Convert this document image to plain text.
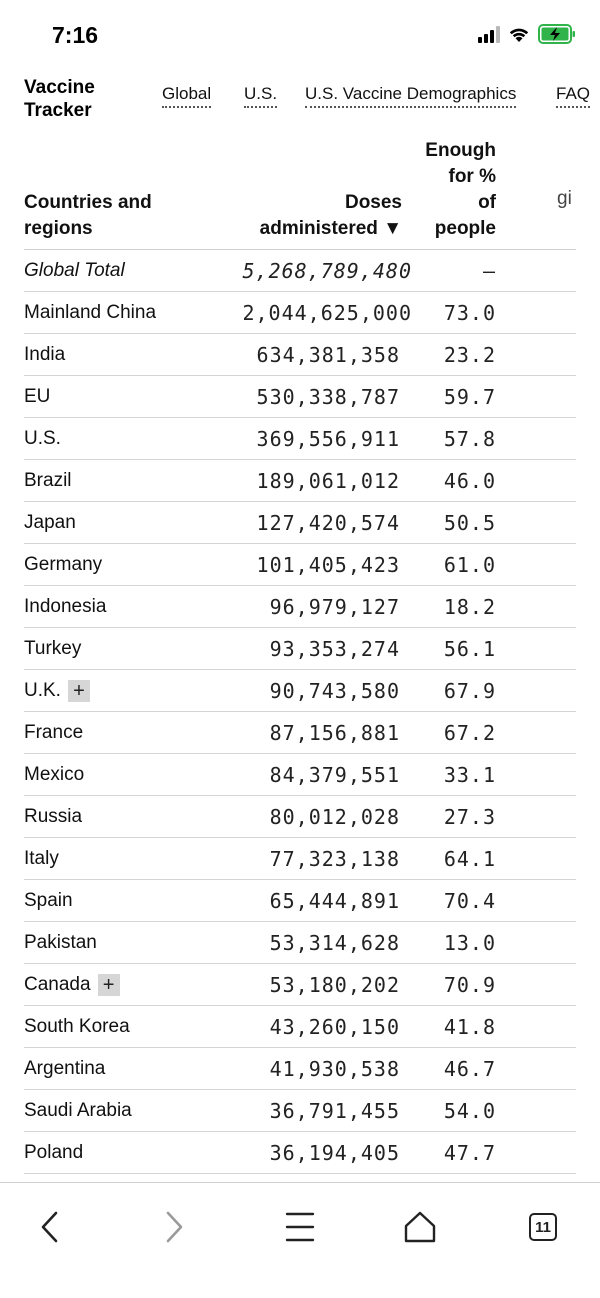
7:16
Vaccine
Tracker
Global U.S. U.S. Vaccine Demographics FAQ
Countries and regions
Doses administered ▼
Enough
for %
of
people
gi
Global Total	5,268,789,480	–
Mainland China	2,044,625,000 73.0
India	634,381,358 23.2
EU	530,338,787 59.7
U.S.	369,556,911 57.8
Brazil	189,061,012 46.0
Japan	127,420,574 50.5
Germany	101,405,423 61.0
Indonesia	96,979,127 18.2
Turkey	93,353,274 56.1
U.K. +	90,743,580 67.9
France	87,156,881 67.2
Mexico	84,379,551 33.1
Russia	80,012,028 27.3
Italy	77,323,138 64.1
Spain	65,444,891 70.4
Pakistan	53,314,628 13.0
Canada +	53,180,202 70.9
South Korea	43,260,150 41.8
Argentina	41,930,538 46.7
Saudi Arabia	36,791,455 54.0
Poland	36,194,405 47.7
11
